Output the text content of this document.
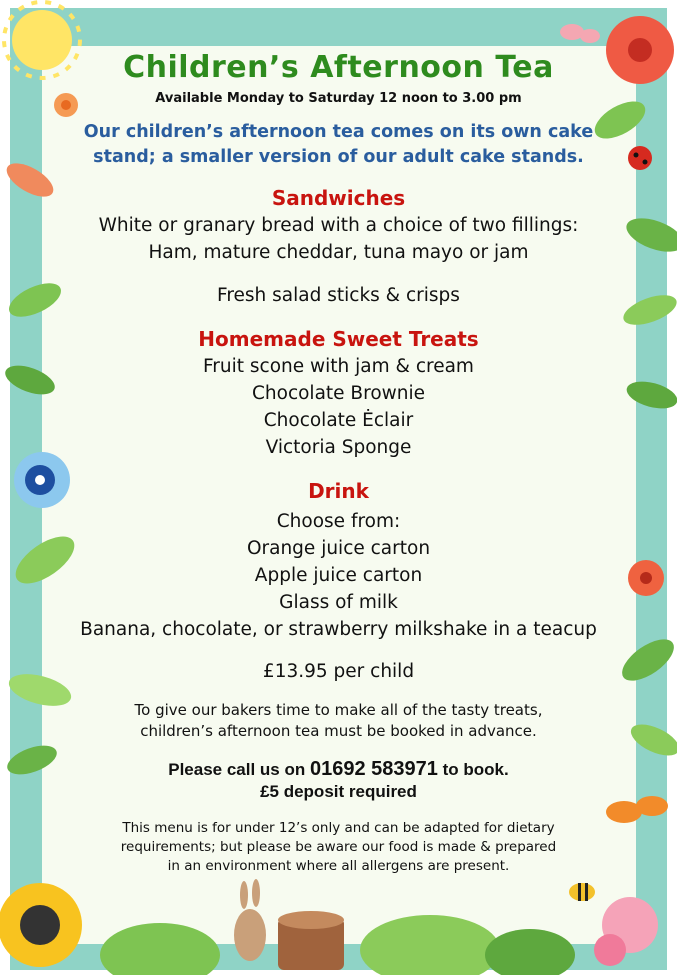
Children’s Afternoon Tea
Available Monday to Saturday 12 noon to 3.00 pm
Our children’s afternoon tea comes on its own cake
stand; a smaller version of our adult cake stands.
Sandwiches
White or granary bread with a choice of two fillings:
Ham, mature cheddar, tuna mayo or jam
Fresh salad sticks & crisps
Homemade Sweet Treats
Fruit scone with jam & cream
Chocolate Brownie
Chocolate Ėclair
Victoria Sponge
Drink
Choose from:
Orange juice carton
Apple juice carton
Glass of milk
Banana, chocolate, or strawberry milkshake in a teacup
£13.95 per child
To give our bakers time to make all of the tasty treats,
children’s afternoon tea must be booked in advance.
Please call us on 01692 583971 to book.
£5 deposit required
This menu is for under 12’s only and can be adapted for dietary
requirements; but please be aware our food is made & prepared
in an environment where all allergens are present.
